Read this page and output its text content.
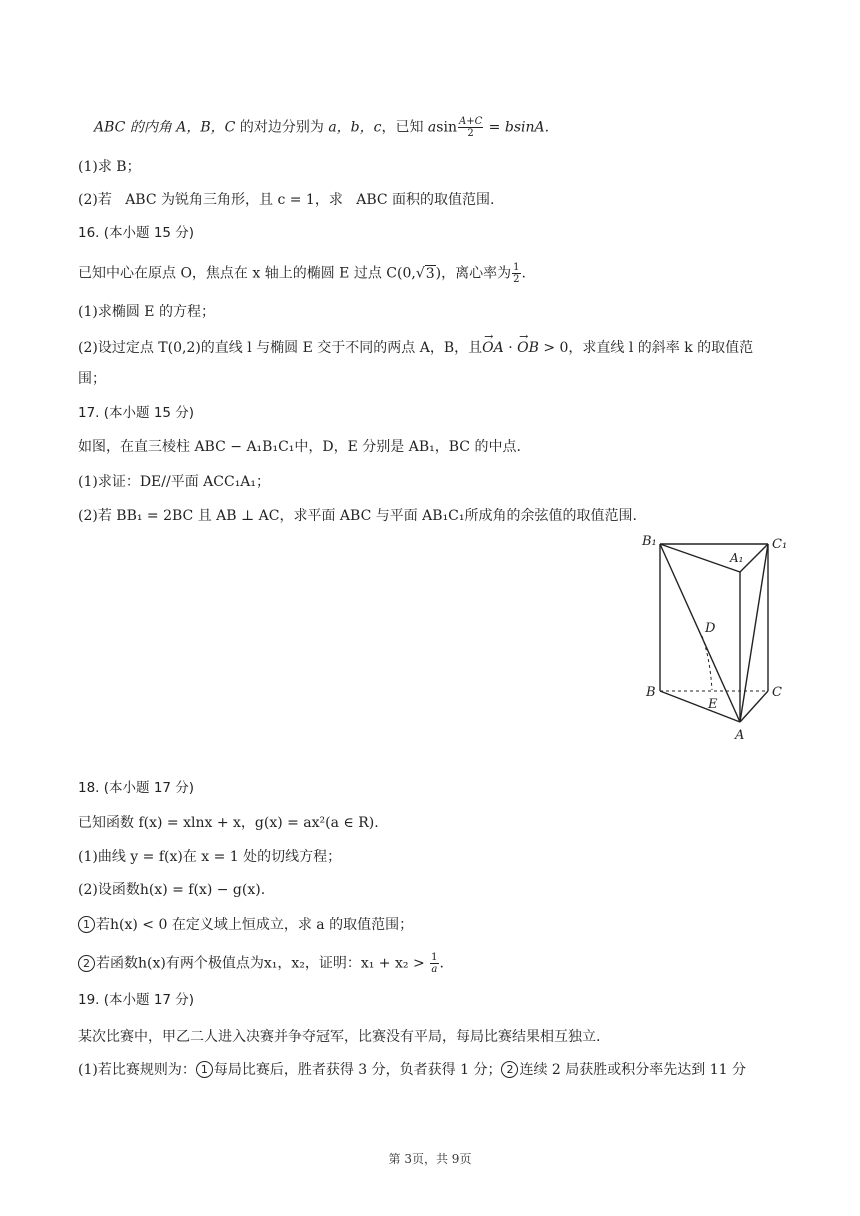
ABC 的内角 A，B，C 的对边分别为 a，b，c，已知 asin $\frac{A+C}{2} = bsinA$.
(1)求 B；
(2)若   ABC 为锐角三角形，且 c = 1，求   ABC 面积的取值范围.
16. (本小题 15 分)
已知中心在原点 O，焦点在 x 轴上的椭圆 E 过点 C(0,√3)，离心率为 $\frac{1}{2}$ .
(1)求椭圆 E 的方程；
(2)设过定点 T(0,2)的直线 l 与椭圆 E 交于不同的两点 A，B，且→ OA · → OB > 0，求直线 l 的斜率 k 的取值范
围；
17. (本小题 15 分)
如图，在直三棱柱 ABC − A₁B₁C₁中，D，E 分别是 AB₁，BC 的中点.
(1)求证：DE//平面 ACC₁A₁；
(2)若 BB₁ = 2BC 且 AB ⊥ AC，求平面 ABC 与平面 AB₁C₁所成角的余弦值的取值范围.
B₁
A₁
C₁
D
B
E
C
A
18. (本小题 17 分)
已知函数 f(x) = xlnx + x，g(x) = ax²(a ∈ R).
(1)曲线 y = f(x)在 x = 1 处的切线方程；
(2)设函数h(x) = f(x) − g(x).
1 若h(x) < 0 在定义域上恒成立，求 a 的取值范围；
2 若函数h(x)有两个极值点为x₁，x₂，证明：$x_1 + x_2 > \frac{1}{a}$ .
19. (本小题 17 分)
某次比赛中，甲乙二人进入决赛并争夺冠军，比赛没有平局，每局比赛结果相互独立.
(1)若比赛规则为： 1 每局比赛后，胜者获得 3 分，负者获得 1 分； 2 连续 2 局获胜或积分率先达到 11 分
第 3页，共 9页
